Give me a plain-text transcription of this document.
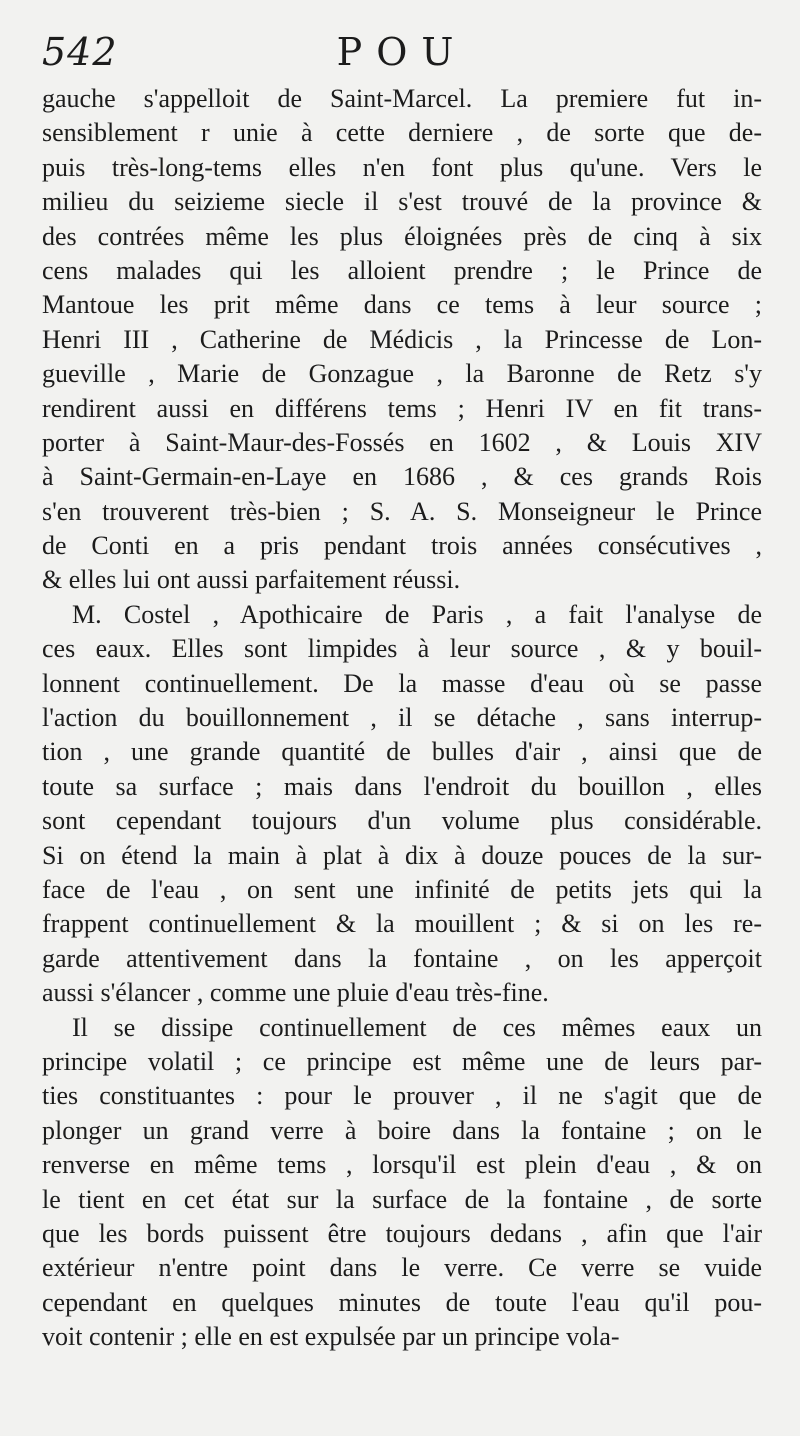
542	POU

gauche s'appelloit de Saint-Marcel. La premiere fut in-
sensiblement r unie à cette derniere , de sorte que de-
puis très-long-tems elles n'en font plus qu'une. Vers le
milieu du seizieme siecle il s'est trouvé de la province &
des contrées même les plus éloignées près de cinq à six
cens malades qui les alloient prendre ; le Prince de
Mantoue les prit même dans ce tems à leur source ;
Henri III , Catherine de Médicis , la Princesse de Lon-
gueville , Marie de Gonzague , la Baronne de Retz s'y
rendirent aussi en différens tems ; Henri IV en fit trans-
porter à Saint-Maur-des-Fossés en 1602 , & Louis XIV
à Saint-Germain-en-Laye en 1686 , & ces grands Rois
s'en trouverent très-bien ; S. A. S. Monseigneur le Prince
de Conti en a pris pendant trois années consécutives ,
& elles lui ont aussi parfaitement réussi.

M. Costel , Apothicaire de Paris , a fait l'analyse de
ces eaux. Elles sont limpides à leur source , & y bouil-
lonnent continuellement. De la masse d'eau où se passe
l'action du bouillonnement , il se détache , sans interrup-
tion , une grande quantité de bulles d'air , ainsi que de
toute sa surface ; mais dans l'endroit du bouillon , elles
sont cependant toujours d'un volume plus considérable.
Si on étend la main à plat à dix à douze pouces de la sur-
face de l'eau , on sent une infinité de petits jets qui la
frappent continuellement & la mouillent ; & si on les re-
garde attentivement dans la fontaine , on les apperçoit
aussi s'élancer , comme une pluie d'eau très-fine.

Il se dissipe continuellement de ces mêmes eaux un
principe volatil ; ce principe est même une de leurs par-
ties constituantes : pour le prouver , il ne s'agit que de
plonger un grand verre à boire dans la fontaine ; on le
renverse en même tems , lorsqu'il est plein d'eau , & on
le tient en cet état sur la surface de la fontaine , de sorte
que les bords puissent être toujours dedans , afin que l'air
extérieur n'entre point dans le verre. Ce verre se vuide
cependant en quelques minutes de toute l'eau qu'il pou-
voit contenir ; elle en est expulsée par un principe vola-
